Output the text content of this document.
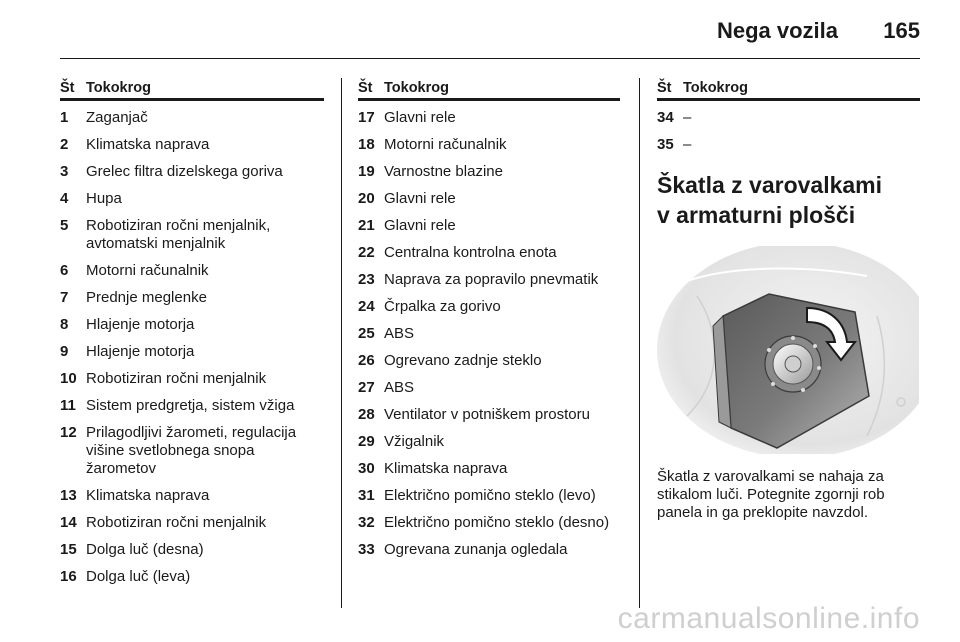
Nega vozila 165
Št Tokokrog
1	Zaganjač
2	Klimatska naprava
3	Grelec filtra dizelskega goriva
4	Hupa
5	Robotiziran ročni menjalnik, avtomatski menjalnik
6	Motorni računalnik
7	Prednje meglenke
8	Hlajenje motorja
9	Hlajenje motorja
10 Robotiziran ročni menjalnik
11 Sistem predgretja, sistem vžiga
12 Prilagodljivi žarometi, regulacija višine svetlobnega snopa žarometov
13 Klimatska naprava
14 Robotiziran ročni menjalnik
15 Dolga luč (desna)
16 Dolga luč (leva)
Št Tokokrog
17 Glavni rele
18 Motorni računalnik
19 Varnostne blazine
20 Glavni rele
21 Glavni rele
22 Centralna kontrolna enota
23 Naprava za popravilo pnevmatik
24 Črpalka za gorivo
25 ABS
26 Ogrevano zadnje steklo
27 ABS
28 Ventilator v potniškem prostoru
29 Vžigalnik
30 Klimatska naprava
31 Električno pomično steklo (levo)
32 Električno pomično steklo (desno)
33 Ogrevana zunanja ogledala
Št Tokokrog
34 –
35 –
Škatla z varovalkami
v armaturni plošči
Škatla z varovalkami se nahaja za stikalom luči. Potegnite zgornji rob panela in ga preklopite navzdol.
carmanualsonline.info
